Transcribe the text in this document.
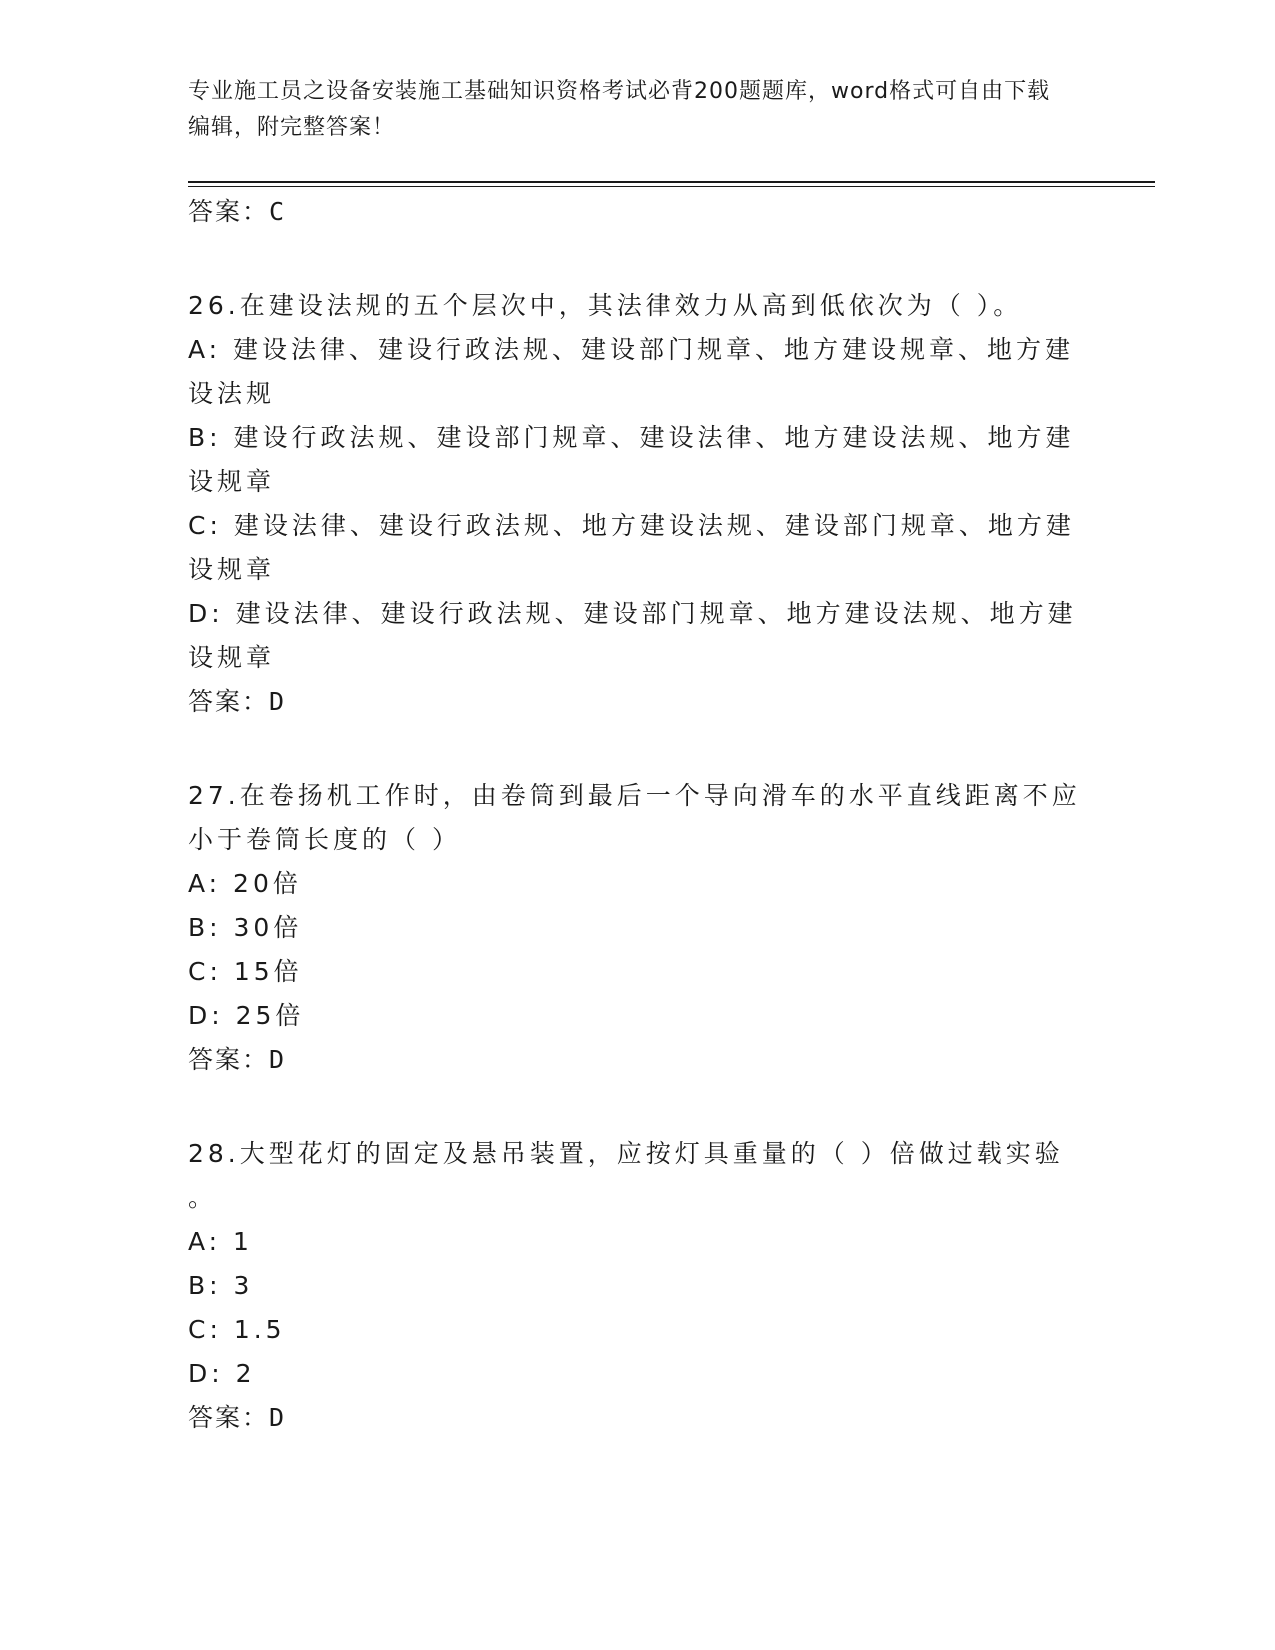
专业施工员之设备安装施工基础知识资格考试必背200题题库，word格式可自由下载编辑，附完整答案！
答案：C
26.在建设法规的五个层次中，其法律效力从高到低依次为（ ）。
A: 建设法律、建设行政法规、建设部门规章、地方建设规章、地方建
设法规
B: 建设行政法规、建设部门规章、建设法律、地方建设法规、地方建
设规章
C: 建设法律、建设行政法规、地方建设法规、建设部门规章、地方建
设规章
D: 建设法律、建设行政法规、建设部门规章、地方建设法规、地方建
设规章
答案：D
27.在卷扬机工作时，由卷筒到最后一个导向滑车的水平直线距离不应
小于卷筒长度的（ ）
A: 20倍
B: 30倍
C: 15倍
D: 25倍
答案：D
28.大型花灯的固定及悬吊装置，应按灯具重量的（ ）倍做过载实验
。
A: 1
B: 3
C: 1.5
D: 2
答案：D
